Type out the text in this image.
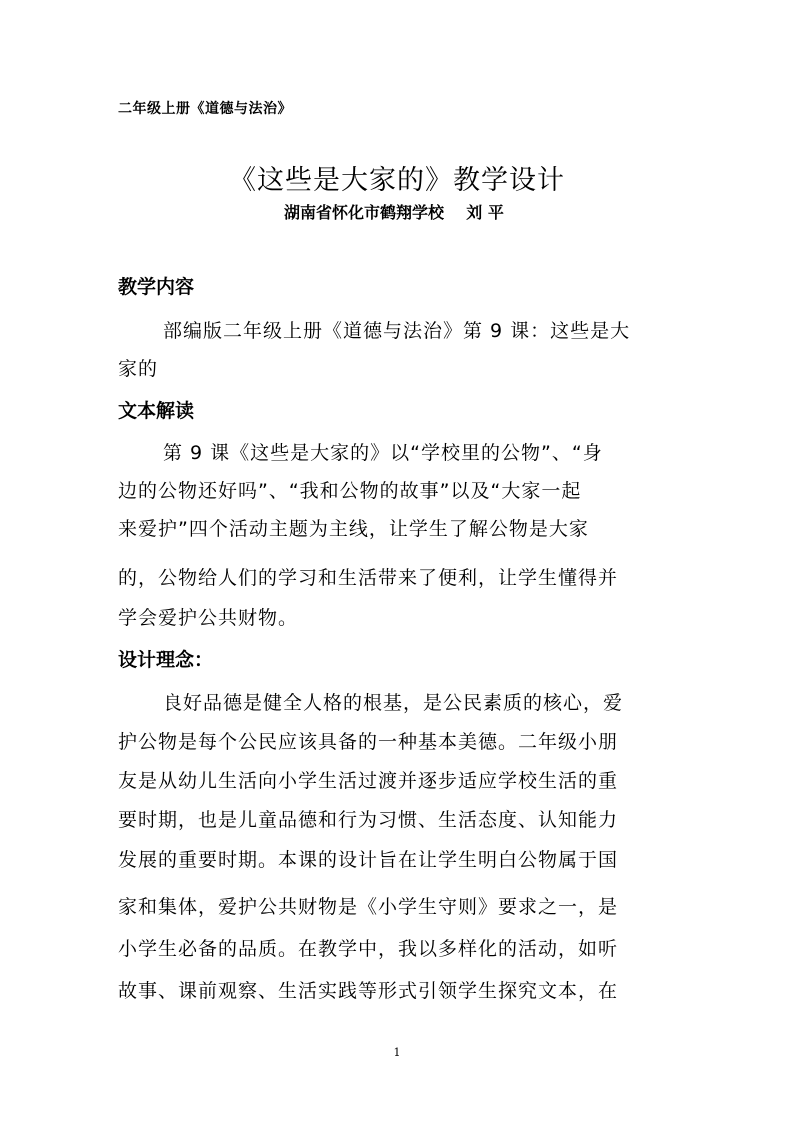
二年级上册《道德与法治》
《这些是大家的》教学设计
湖南省怀化市鹤翔学校    刘 平
教学内容
部编版二年级上册《道德与法治》第 9 课：这些是大
家的
文本解读
第 9 课《这些是大家的》以“学校里的公物”、“身
边的公物还好吗”、“我和公物的故事”以及“大家一起
来爱护”四个活动主题为主线，让学生了解公物是大家
的，公物给人们的学习和生活带来了便利，让学生懂得并
学会爱护公共财物。
设计理念：
良好品德是健全人格的根基，是公民素质的核心，爱
护公物是每个公民应该具备的一种基本美德。二年级小朋
友是从幼儿生活向小学生活过渡并逐步适应学校生活的重
要时期，也是儿童品德和行为习惯、生活态度、认知能力
发展的重要时期。本课的设计旨在让学生明白公物属于国
家和集体，爱护公共财物是《小学生守则》要求之一，是
小学生必备的品质。在教学中，我以多样化的活动，如听
故事、课前观察、生活实践等形式引领学生探究文本，在
1
